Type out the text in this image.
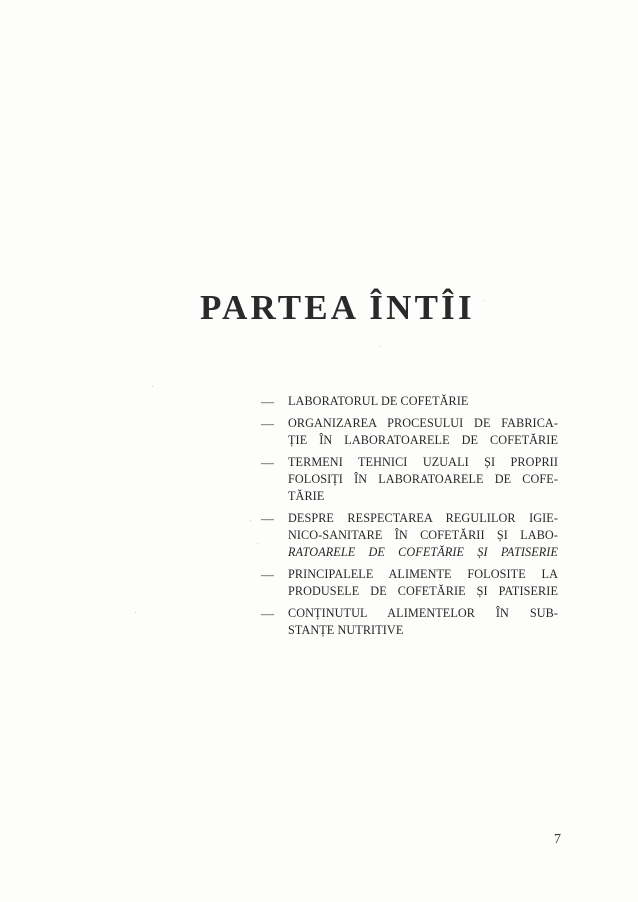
PARTEA ÎNTÎI
— LABORATORUL DE COFETĂRIE
— ORGANIZAREA PROCESULUI DE FABRICA-
ȚIE ÎN LABORATOARELE DE COFETĂRIE
— TERMENI TEHNICI UZUALI ȘI PROPRII
FOLOSIȚI ÎN LABORATOARELE DE COFE-
TĂRIE
— DESPRE RESPECTAREA REGULILOR IGIE-
NICO-SANITARE ÎN COFETĂRII ȘI LABO-
RATOARELE DE COFETĂRIE ȘI PATISERIE
— PRINCIPALELE ALIMENTE FOLOSITE LA
PRODUSELE DE COFETĂRIE ȘI PATISERIE
— CONȚINUTUL ALIMENTELOR ÎN SUB-
STANȚE NUTRITIVE
7
